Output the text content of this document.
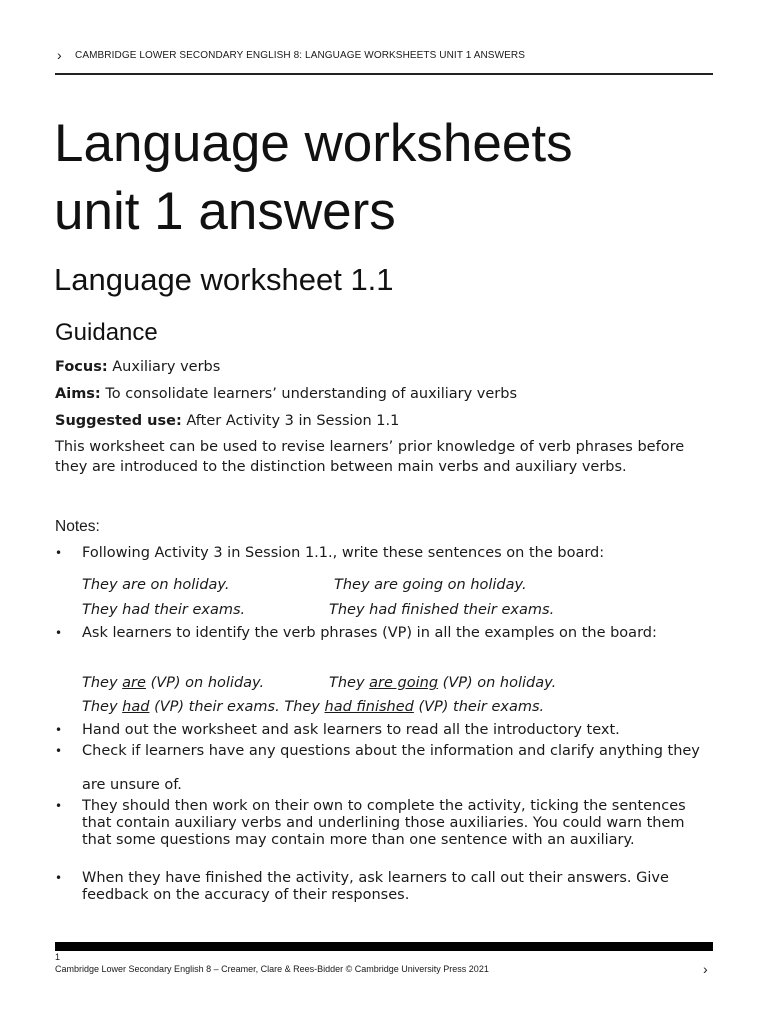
› CAMBRIDGE LOWER SECONDARY ENGLISH 8: LANGUAGE WORKSHEETS UNIT 1 ANSWERS
Language worksheets
unit 1 answers
Language worksheet 1.1
Guidance
Focus: Auxiliary verbs
Aims: To consolidate learners’ understanding of auxiliary verbs
Suggested use: After Activity 3 in Session 1.1

This worksheet can be used to revise learners’ prior knowledge of verb phrases before they are introduced to the distinction between main verbs and auxiliary verbs.

Notes:
• Following Activity 3 in Session 1.1., write these sentences on the board:
They are on holiday.	They are going on holiday.
They had their exams.	They had finished their exams.
• Ask learners to identify the verb phrases (VP) in all the examples on the board:
They are (VP) on holiday.	They are going (VP) on holiday.
They had (VP) their exams. They had finished (VP) their exams.
• Hand out the worksheet and ask learners to read all the introductory text.
• Check if learners have any questions about the information and clarify anything they
are unsure of.
• They should then work on their own to complete the activity, ticking the sentences that contain auxiliary verbs and underlining those auxiliaries. You could warn them that some questions may contain more than one sentence with an auxiliary.
• When they have finished the activity, ask learners to call out their answers. Give feedback on the accuracy of their responses.
1
Cambridge Lower Secondary English 8 – Creamer, Clare & Rees-Bidder © Cambridge University Press 2021	›
